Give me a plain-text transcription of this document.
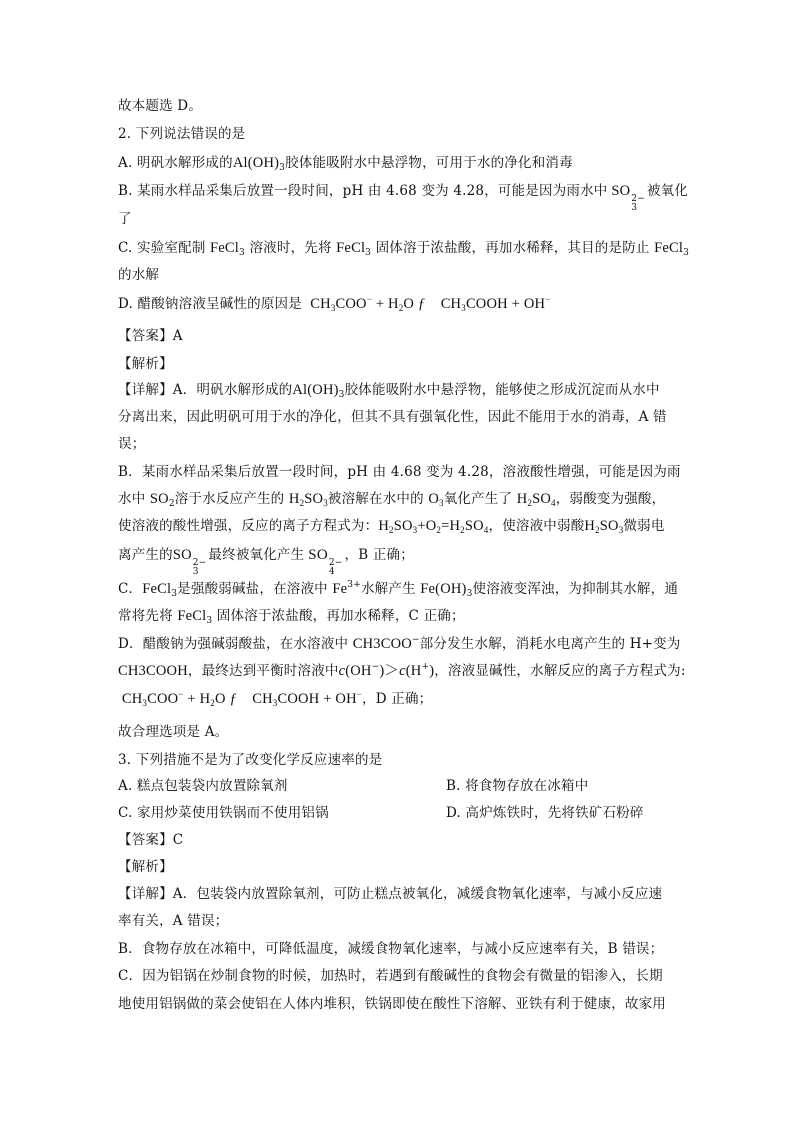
故本题选 D。
2. 下列说法错误的是
A. 明矾水解形成的$Al(OH)_3$胶体能吸附水中悬浮物，可用于水的净化和消毒
B. 某雨水样品采集后放置一段时间，pH 由 4.68 变为 4.28，可能是因为雨水中 SO 2−
3
被氧化
了
C. 实验室配制 FeCl$_3$ 溶液时，先将 FeCl$_3$ 固体溶于浓盐酸，再加水稀释，其目的是防止 FeCl$_3$
的水解
D. 醋酸钠溶液呈碱性的原因是 $CH_3COO^- + H_2O$ ƒ $CH_3COOH + OH^-$
【答案】A
【解析】
【详解】A．明矾水解形成的$Al(OH)_3$胶体能吸附水中悬浮物，能够使之形成沉淀而从水中
分离出来，因此明矾可用于水的净化，但其不具有强氧化性，因此不能用于水的消毒，A 错
误；
B．某雨水样品采集后放置一段时间，pH 由 4.68 变为 4.28，溶液酸性增强，可能是因为雨
水中 $SO_2$溶于水反应产生的 $H_2SO_3$被溶解在水中的 $O_3$氧化产生了 $H_2SO_4$，弱酸变为强酸，
使溶液的酸性增强，反应的离子方程式为：$H_2SO_3+O_2=H_2SO_4$，使溶液中弱酸$H_2SO_3$微弱电
离产生的SO 2−
3
最终被氧化产生 SO 2−
4
，B 正确；
C．FeCl$_3$是强酸弱碱盐，在溶液中 $Fe^{3+}$水解产生 $Fe(OH)_3$使溶液变浑浊，为抑制其水解，通
常将先将 FeCl$_3$ 固体溶于浓盐酸，再加水稀释，C 正确；
D．醋酸钠为强碱弱酸盐，在水溶液中 CH3COO−部分发生水解，消耗水电离产生的 H+变为
CH3COOH，最终达到平衡时溶液中c(OH−)＞c(H+)，溶液显碱性，水解反应的离子方程式为:
$CH_3COO^- + H_2O$ ƒ    $CH_3COOH + OH^-$，D 正确；
故合理选项是 A。
3. 下列措施不是为了改变化学反应速率的是
A. 糕点包装袋内放置除氧剂	B. 将食物存放在冰箱中
C. 家用炒菜使用铁锅而不使用铝锅	D. 高炉炼铁时，先将铁矿石粉碎
【答案】C
【解析】
【详解】A．包装袋内放置除氧剂，可防止糕点被氧化，减缓食物氧化速率，与减小反应速
率有关，A 错误；
B．食物存放在冰箱中，可降低温度，减缓食物氧化速率，与减小反应速率有关，B 错误；
C．因为铝锅在炒制食物的时候，加热时，若遇到有酸碱性的食物会有微量的铝渗入，长期
地使用铝锅做的菜会使铝在人体内堆积，铁锅即使在酸性下溶解、亚铁有利于健康，故家用
